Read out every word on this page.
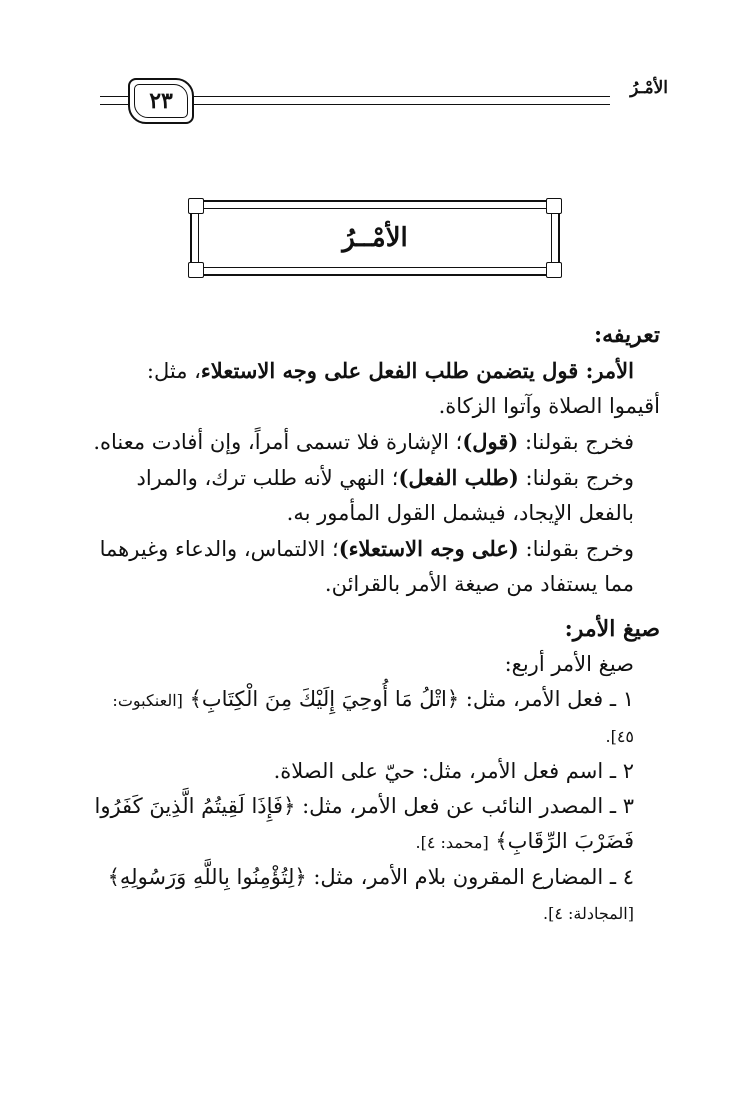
الأمْـرُ
٢٣
الأمْــرُ

تعريفه:

الأمر: قول يتضمن طلب الفعل على وجه الاستعلاء، مثل:

أقيموا الصلاة وآتوا الزكاة.

فخرج بقولنا: (قول)؛ الإشارة فلا تسمى أمراً، وإن أفادت معناه.

وخرج بقولنا: (طلب الفعل)؛ النهي لأنه طلب ترك، والمراد بالفعل الإيجاد، فيشمل القول المأمور به.

وخرج بقولنا: (على وجه الاستعلاء)؛ الالتماس، والدعاء وغيرهما مما يستفاد من صيغة الأمر بالقرائن.

صيغ الأمر:

صيغ الأمر أربع:

١ ـ فعل الأمر، مثل: ﴿اتْلُ مَا أُوحِيَ إِلَيْكَ مِنَ الْكِتَابِ﴾ [العنكبوت: ٤٥].

٢ ـ اسم فعل الأمر، مثل: حيّ على الصلاة.

٣ ـ المصدر النائب عن فعل الأمر، مثل: ﴿فَإِذَا لَقِيتُمُ الَّذِينَ كَفَرُوا فَضَرْبَ الرِّقَابِ﴾ [محمد: ٤].

٤ ـ المضارع المقرون بلام الأمر، مثل: ﴿لِتُؤْمِنُوا بِاللَّهِ وَرَسُولِهِ﴾ [المجادلة: ٤].
